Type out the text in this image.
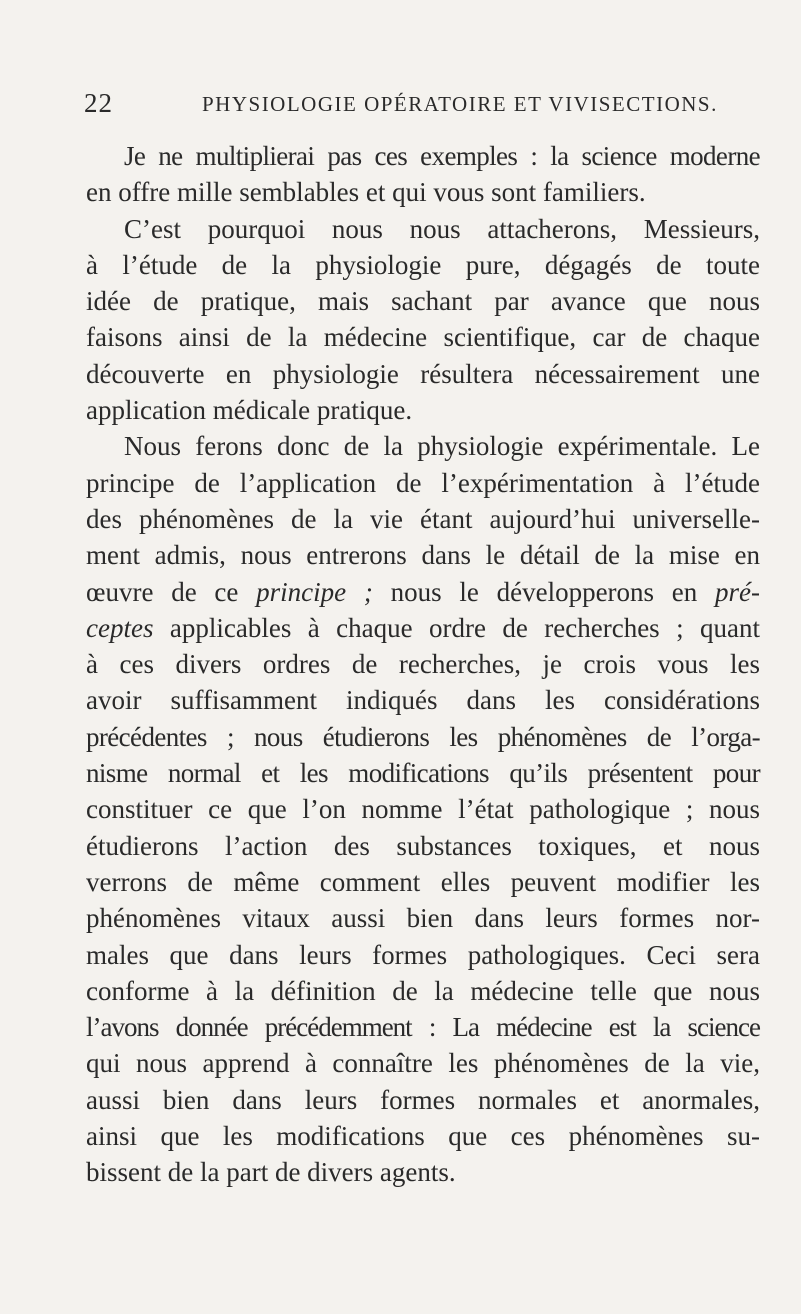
22	PHYSIOLOGIE OPÉRATOIRE ET VIVISECTIONS.
Je ne multiplierai pas ces exemples : la science moderne
en offre mille semblables et qui vous sont familiers.
C’est pourquoi nous nous attacherons, Messieurs,
à l’étude de la physiologie pure, dégagés de toute
idée de pratique, mais sachant par avance que nous
faisons ainsi de la médecine scientifique, car de chaque
découverte en physiologie résultera nécessairement une
application médicale pratique.
Nous ferons donc de la physiologie expérimentale. Le
principe de l’application de l’expérimentation à l’étude
des phénomènes de la vie étant aujourd’hui universelle-
ment admis, nous entrerons dans le détail de la mise en
œuvre de ce principe ; nous le développerons en pré-
ceptes applicables à chaque ordre de recherches ; quant
à ces divers ordres de recherches, je crois vous les
avoir suffisamment indiqués dans les considérations
précédentes ; nous étudierons les phénomènes de l’orga-
nisme normal et les modifications qu’ils présentent pour
constituer ce que l’on nomme l’état pathologique ; nous
étudierons l’action des substances toxiques, et nous
verrons de même comment elles peuvent modifier les
phénomènes vitaux aussi bien dans leurs formes nor-
males que dans leurs formes pathologiques. Ceci sera
conforme à la définition de la médecine telle que nous
l’avons donnée précédemment : La médecine est la science
qui nous apprend à connaître les phénomènes de la vie,
aussi bien dans leurs formes normales et anormales,
ainsi que les modifications que ces phénomènes su-
bissent de la part de divers agents.
